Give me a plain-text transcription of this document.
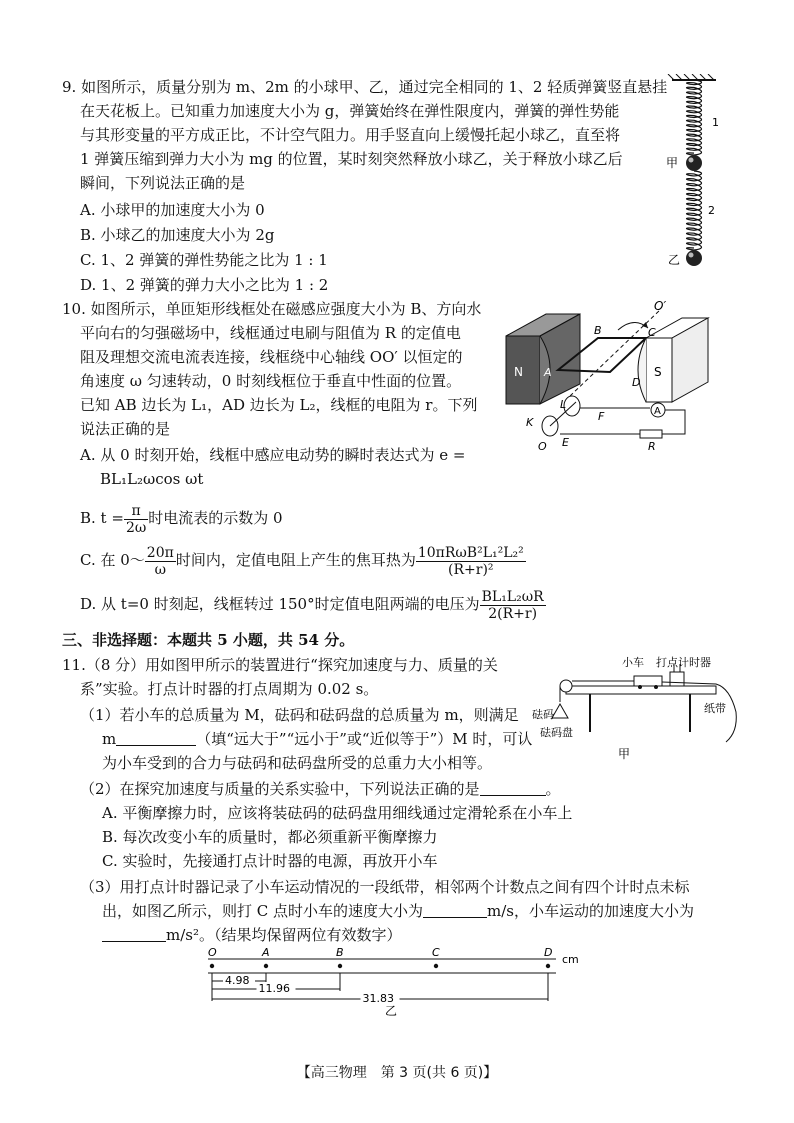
9. 如图所示，质量分别为 m、2m 的小球甲、乙，通过完全相同的 1、2 轻质弹簧竖直悬挂
在天花板上。已知重力加速度大小为 g，弹簧始终在弹性限度内，弹簧的弹性势能
与其形变量的平方成正比，不计空气阻力。用手竖直向上缓慢托起小球乙，直至将
1 弹簧压缩到弹力大小为 mg 的位置，某时刻突然释放小球乙，关于释放小球乙后
瞬间，下列说法正确的是
A. 小球甲的加速度大小为 0
B. 小球乙的加速度大小为 2g
C. 1、2 弹簧的弹性势能之比为 1 : 1
D. 1、2 弹簧的弹力大小之比为 1 : 2
1
2
甲
乙
10. 如图所示，单匝矩形线框处在磁感应强度大小为 B、方向水
平向右的匀强磁场中，线框通过电刷与阻值为 R 的定值电
阻及理想交流电流表连接，线框绕中心轴线 OO′ 以恒定的
角速度 ω 匀速转动，0 时刻线框位于垂直中性面的位置。
已知 AB 边长为 L₁，AD 边长为 L₂，线框的电阻为 r。下列
说法正确的是
A. 从 0 时刻开始，线框中感应电动势的瞬时表达式为 e =
BL₁L₂ωcos ωt
B. $t = \frac{\pi}{2\omega}$ 时电流表的示数为 0
C. 在 0～ $\frac{20\pi}{\omega}$ 时间内，定值电阻上产生的焦耳热为 $\frac{\text{10πRωB²L₁²L₂²}}{\text{(R+r)²}}$
D. 从 t=0 时刻起，线框转过 150°时定值电阻两端的电压为 $\frac{\text{BL₁L₂ωR}}{2(R+r)}$
N	S
O′
B	C
A
D
L
F
K
O E
A
R
三、非选择题：本题共 5 小题，共 54 分。
11.（8 分）用如图甲所示的装置进行“探究加速度与力、质量的关
系”实验。打点计时器的打点周期为 0.02 s。
（1）若小车的总质量为 M，砝码和砝码盘的总质量为 m，则满足
m	（填“远大于”“远小于”或“近似等于”）M 时，可认
为小车受到的合力与砝码和砝码盘所受的总重力大小相等。
（2）在探究加速度与质量的关系实验中，下列说法正确的是	。
A. 平衡摩擦力时，应该将装砝码的砝码盘用细线通过定滑轮系在小车上
B. 每次改变小车的质量时，都必须重新平衡摩擦力
C. 实验时，先接通打点计时器的电源，再放开小车
（3）用打点计时器记录了小车运动情况的一段纸带，相邻两个计数点之间有四个计时点未标
出，如图乙所示，则打 C 点时小车的速度大小为	m/s，小车运动的加速度大小为
m/s²。（结果均保留两位有效数字）
小车 打点计时器
纸带
砝码
砝码盘
甲
O	A	B	C	D
4.98
11.96
31.83
cm
乙
【高三物理　第 3 页(共 6 页)】
